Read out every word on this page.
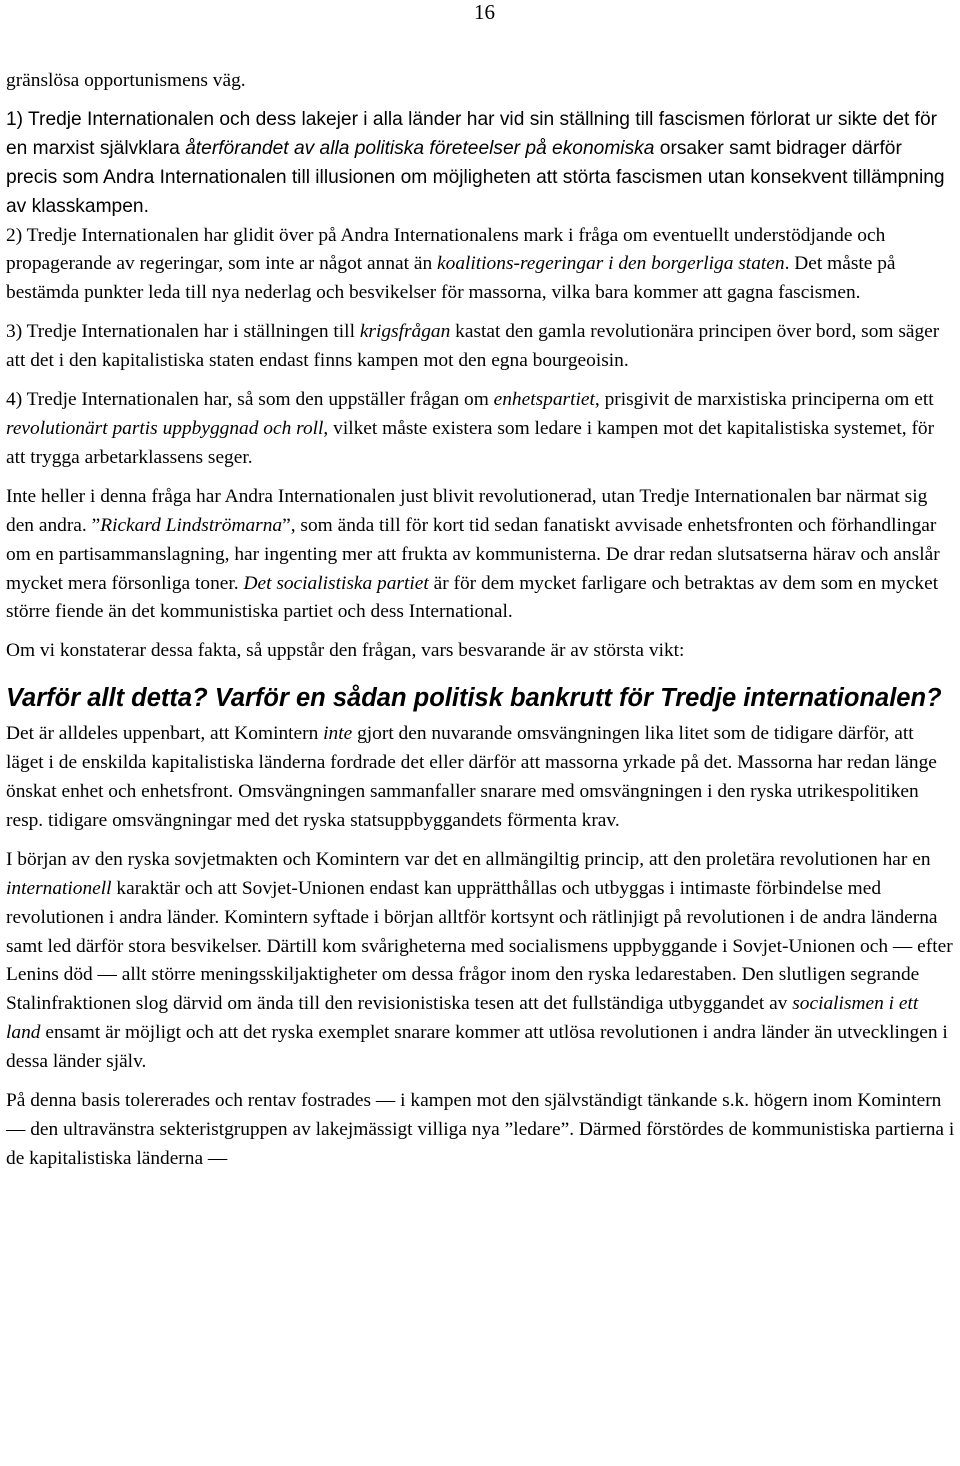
16

gränslösa opportunismens väg.

1) Tredje Internationalen och dess lakejer i alla länder har vid sin ställning till fascismen förlorat ur sikte det för en marxist självklara återförandet av alla politiska företeelser på ekonomiska orsaker samt bidrager därför precis som Andra Internationalen till illusionen om möjligheten att störta fascismen utan konsekvent tillämpning av klasskampen.

2) Tredje Internationalen har glidit över på Andra Internationalens mark i fråga om eventuellt understödjande och propagerande av regeringar, som inte ar något annat än koalitions-regeringar i den borgerliga staten. Det måste på bestämda punkter leda till nya nederlag och besvikelser för massorna, vilka bara kommer att gagna fascismen.

3) Tredje Internationalen har i ställningen till krigsfrågan kastat den gamla revolutionära principen över bord, som säger att det i den kapitalistiska staten endast finns kampen mot den egna bourgeoisin.

4) Tredje Internationalen har, så som den uppställer frågan om enhetspartiet, prisgivit de marxistiska principerna om ett revolutionärt partis uppbyggnad och roll, vilket måste existera som ledare i kampen mot det kapitalistiska systemet, för att trygga arbetarklassens seger.

Inte heller i denna fråga har Andra Internationalen just blivit revolutionerad, utan Tredje Internationalen bar närmat sig den andra. ”Rickard Lindströmarna”, som ända till för kort tid sedan fanatiskt avvisade enhetsfronten och förhandlingar om en partisammanslagning, har ingenting mer att frukta av kommunisterna. De drar redan slutsatserna härav och anslår mycket mera försonliga toner. Det socialistiska partiet är för dem mycket farligare och betraktas av dem som en mycket större fiende än det kommunistiska partiet och dess International.

Om vi konstaterar dessa fakta, så uppstår den frågan, vars besvarande är av största vikt:

Varför allt detta? Varför en sådan politisk bankrutt för Tredje internationalen?

Det är alldeles uppenbart, att Komintern inte gjort den nuvarande omsvängningen lika litet som de tidigare därför, att läget i de enskilda kapitalistiska länderna fordrade det eller därför att massorna yrkade på det. Massorna har redan länge önskat enhet och enhetsfront. Omsvängningen sammanfaller snarare med omsvängningen i den ryska utrikespolitiken resp. tidigare omsvängningar med det ryska statsuppbyggandets förmenta krav.

I början av den ryska sovjetmakten och Komintern var det en allmängiltig princip, att den proletära revolutionen har en internationell karaktär och att Sovjet-Unionen endast kan upprätthållas och utbyggas i intimaste förbindelse med revolutionen i andra länder. Komintern syftade i början alltför kortsynt och rätlinjigt på revolutionen i de andra länderna samt led därför stora besvikelser. Därtill kom svårigheterna med socialismens uppbyggande i Sovjet-Unionen och — efter Lenins död — allt större meningsskiljaktigheter om dessa frågor inom den ryska ledarestaben. Den slutligen segrande Stalinfraktionen slog därvid om ända till den revisionistiska tesen att det fullständiga utbyggandet av socialismen i ett land ensamt är möjligt och att det ryska exemplet snarare kommer att utlösa revolutionen i andra länder än utvecklingen i dessa länder själv.

På denna basis tolererades och rentav fostrades — i kampen mot den självständigt tänkande s.k. högern inom Komintern — den ultravänstra sekteristgruppen av lakejmässigt villiga nya ”ledare”. Därmed förstördes de kommunistiska partierna i de kapitalistiska länderna —
